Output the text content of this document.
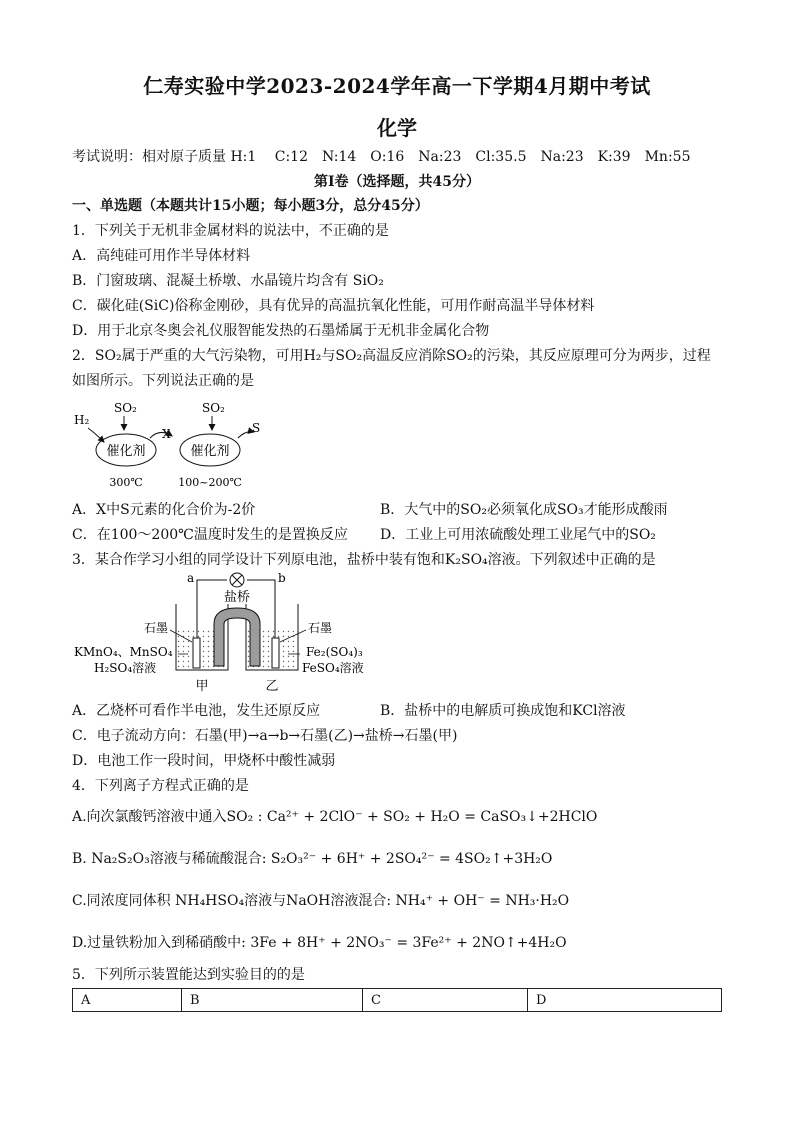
仁寿实验中学2023-2024学年高一下学期4月期中考试
化学
考试说明：相对原子质量 H:1　 C:12　N:14　O:16　Na:23　Cl:35.5　Na:23　K:39　Mn:55
第Ⅰ卷（选择题，共45分）
一、单选题（本题共计15小题；每小题3分，总分45分）
1．下列关于无机非金属材料的说法中，不正确的是
A．高纯硅可用作半导体材料
B．门窗玻璃、混凝土桥墩、水晶镜片均含有 SiO₂
C．碳化硅(SiC)俗称金刚砂，具有优异的高温抗氧化性能，可用作耐高温半导体材料
D．用于北京冬奥会礼仪服智能发热的石墨烯属于无机非金属化合物
2．SO₂属于严重的大气污染物，可用H₂与SO₂高温反应消除SO₂的污染，其反应原理可分为两步，过程
如图所示。下列说法正确的是
H₂
SO₂	SO₂
X	S
催化剂	催化剂
300℃	100~200℃
A．X中S元素的化合价为-2价	B．大气中的SO₂必须氧化成SO₃才能形成酸雨
C．在100～200℃温度时发生的是置换反应 D．工业上可用浓硫酸处理工业尾气中的SO₂
3．某合作学习小组的同学设计下列原电池，盐桥中装有饱和K₂SO₄溶液。下列叙述中正确的是
a	b
盐桥
石墨	石墨
KMnO₄、MnSO₄
H₂SO₄溶液
Fe₂(SO₄)₃
FeSO₄溶液
甲	乙
A．乙烧杯可看作半电池，发生还原反应	B．盐桥中的电解质可换成饱和KCl溶液
C．电子流动方向：石墨(甲)→a→b→石墨(乙)→盐桥→石墨(甲)
D．电池工作一段时间，甲烧杯中酸性减弱
4．下列离子方程式正确的是
A.向次氯酸钙溶液中通入SO₂ : Ca²⁺ + 2ClO⁻ + SO₂ + H₂O = CaSO₃↓+2HClO
B. Na₂S₂O₃溶液与稀硫酸混合: S₂O₃²⁻ + 6H⁺ + 2SO₄²⁻ = 4SO₂↑+3H₂O
C.同浓度同体积 NH₄HSO₄溶液与NaOH溶液混合: NH₄⁺ + OH⁻ = NH₃·H₂O
D.过量铁粉加入到稀硝酸中: 3Fe + 8H⁺ + 2NO₃⁻ = 3Fe²⁺ + 2NO↑+4H₂O
5．下列所示装置能达到实验目的的是
A	B	C	D
